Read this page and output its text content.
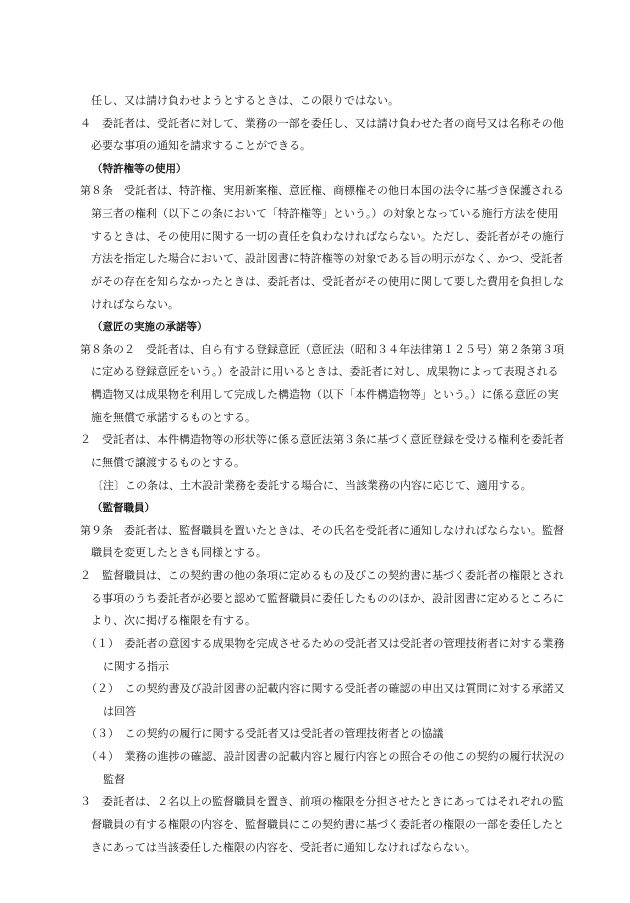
　任し、又は請け負わせようとするときは、この限りではない。
４　委託者は、受託者に対して、業務の一部を委任し、又は請け負わせた者の商号又は名称その他
　必要な事項の通知を請求することができる。
（特許権等の使用）
第８条　受託者は、特許権、実用新案権、意匠権、商標権その他日本国の法令に基づき保護される
　第三者の権利（以下この条において「特許権等」という。）の対象となっている施行方法を使用
　するときは、その使用に関する一切の責任を負わなければならない。ただし、委託者がその施行
　方法を指定した場合において、設計図書に特許権等の対象である旨の明示がなく、かつ、受託者
　がその存在を知らなかったときは、委託者は、受託者がその使用に関して要した費用を負担しな
　ければならない。
（意匠の実施の承諾等）
第８条の２　受託者は、自ら有する登録意匠（意匠法（昭和３４年法律第１２５号）第２条第３項
　に定める登録意匠をいう。）を設計に用いるときは、委託者に対し、成果物によって表現される
　構造物又は成果物を利用して完成した構造物（以下「本件構造物等」という。）に係る意匠の実
　施を無償で承諾するものとする。
２　受託者は、本件構造物等の形状等に係る意匠法第３条に基づく意匠登録を受ける権利を委託者
　に無償で譲渡するものとする。
〔注〕この条は、土木設計業務を委託する場合に、当該業務の内容に応じて、適用する。
（監督職員）
第９条　委託者は、監督職員を置いたときは、その氏名を受託者に通知しなければならない。監督
　職員を変更したときも同様とする。
２　監督職員は、この契約書の他の条項に定めるもの及びこの契約書に基づく委託者の権限とされ
　る事項のうち委託者が必要と認めて監督職員に委任したもののほか、設計図書に定めるところに
　より、次に掲げる権限を有する。
（１）　委託者の意図する成果物を完成させるための受託者又は受託者の管理技術者に対する業務
　に関する指示
（２）　この契約書及び設計図書の記載内容に関する受託者の確認の申出又は質問に対する承諾又
　は回答
（３）　この契約の履行に関する受託者又は受託者の管理技術者との協議
（４）　業務の進捗の確認、設計図書の記載内容と履行内容との照合その他この契約の履行状況の
　監督
３　委託者は、２名以上の監督職員を置き、前項の権限を分担させたときにあってはそれぞれの監
　督職員の有する権限の内容を、監督職員にこの契約書に基づく委託者の権限の一部を委任したと
　きにあっては当該委任した権限の内容を、受託者に通知しなければならない。
